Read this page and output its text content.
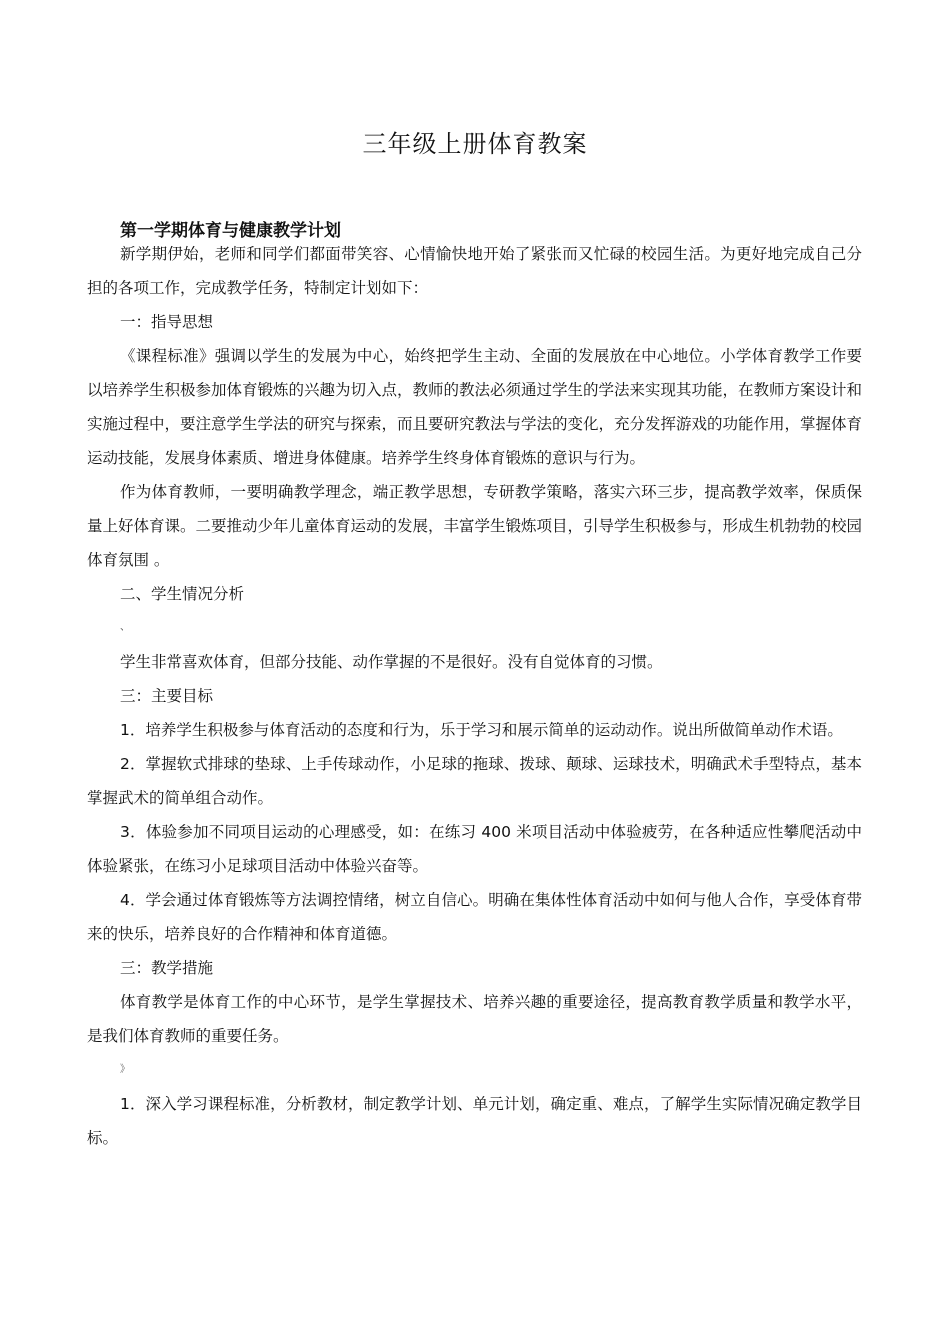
三年级上册体育教案
第一学期体育与健康教学计划

新学期伊始，老师和同学们都面带笑容、心情愉快地开始了紧张而又忙碌的校园生活。为更好地完成自己分担的各项工作，完成教学任务，特制定计划如下：

一：指导思想

《课程标准》强调以学生的发展为中心，始终把学生主动、全面的发展放在中心地位。小学体育教学工作要以培养学生积极参加体育锻炼的兴趣为切入点，教师的教法必须通过学生的学法来实现其功能，在教师方案设计和实施过程中，要注意学生学法的研究与探索，而且要研究教法与学法的变化，充分发挥游戏的功能作用，掌握体育运动技能，发展身体素质、增进身体健康。培养学生终身体育锻炼的意识与行为。

作为体育教师，一要明确教学理念，端正教学思想，专研教学策略，落实六环三步，提高教学效率，保质保量上好体育课。二要推动少年儿童体育运动的发展，丰富学生锻炼项目，引导学生积极参与，形成生机勃勃的校园体育氛围 。

二、学生情况分析

、

学生非常喜欢体育，但部分技能、动作掌握的不是很好。没有自觉体育的习惯。

三：主要目标

1．培养学生积极参与体育活动的态度和行为，乐于学习和展示简单的运动动作。说出所做简单动作术语。

2．掌握软式排球的垫球、上手传球动作，小足球的拖球、拨球、颠球、运球技术，明确武术手型特点，基本掌握武术的简单组合动作。

3．体验参加不同项目运动的心理感受，如：在练习 400 米项目活动中体验疲劳，在各种适应性攀爬活动中体验紧张，在练习小足球项目活动中体验兴奋等。

4．学会通过体育锻炼等方法调控情绪，树立自信心。明确在集体性体育活动中如何与他人合作，享受体育带来的快乐，培养良好的合作精神和体育道德。

三：教学措施

体育教学是体育工作的中心环节，是学生掌握技术、培养兴趣的重要途径，提高教育教学质量和教学水平，是我们体育教师的重要任务。

》

1．深入学习课程标准，分析教材，制定教学计划、单元计划，确定重、难点，了解学生实际情况确定教学目标。
